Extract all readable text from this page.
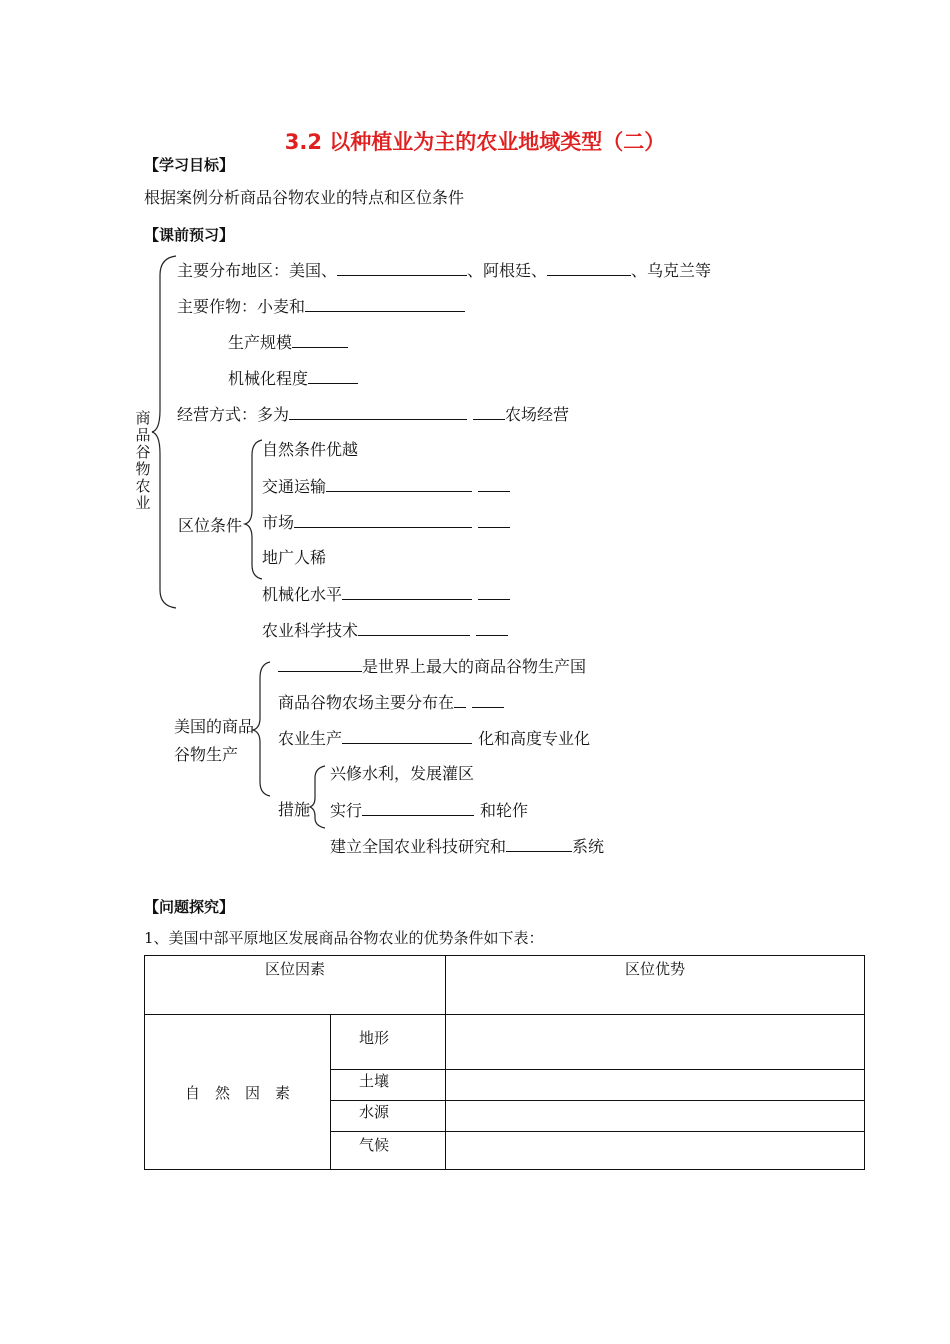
3.2 以种植业为主的农业地域类型（二）
【学习目标】
根据案例分析商品谷物农业的特点和区位条件
【课前预习】
商品谷物农业
主要分布地区：美国、	、阿根廷、	、乌克兰等
主要作物：小麦和
生产规模
机械化程度
经营方式：多为	农场经营
自然条件优越
交通运输
区位条件 市场
地广人稀
机械化水平
农业科学技术
是世界上最大的商品谷物生产国
商品谷物农场主要分布在
美国的商品
谷物生产
农业生产	化和高度专业化
兴修水利，发展灌区
措施 实行	和轮作
建立全国农业科技研究和	系统
【问题探究】
1、美国中部平原地区发展商品谷物农业的优势条件如下表：
区位因素		区位优势
自　然　因　素	地形	
	土壤	
	水源	
	气候	
